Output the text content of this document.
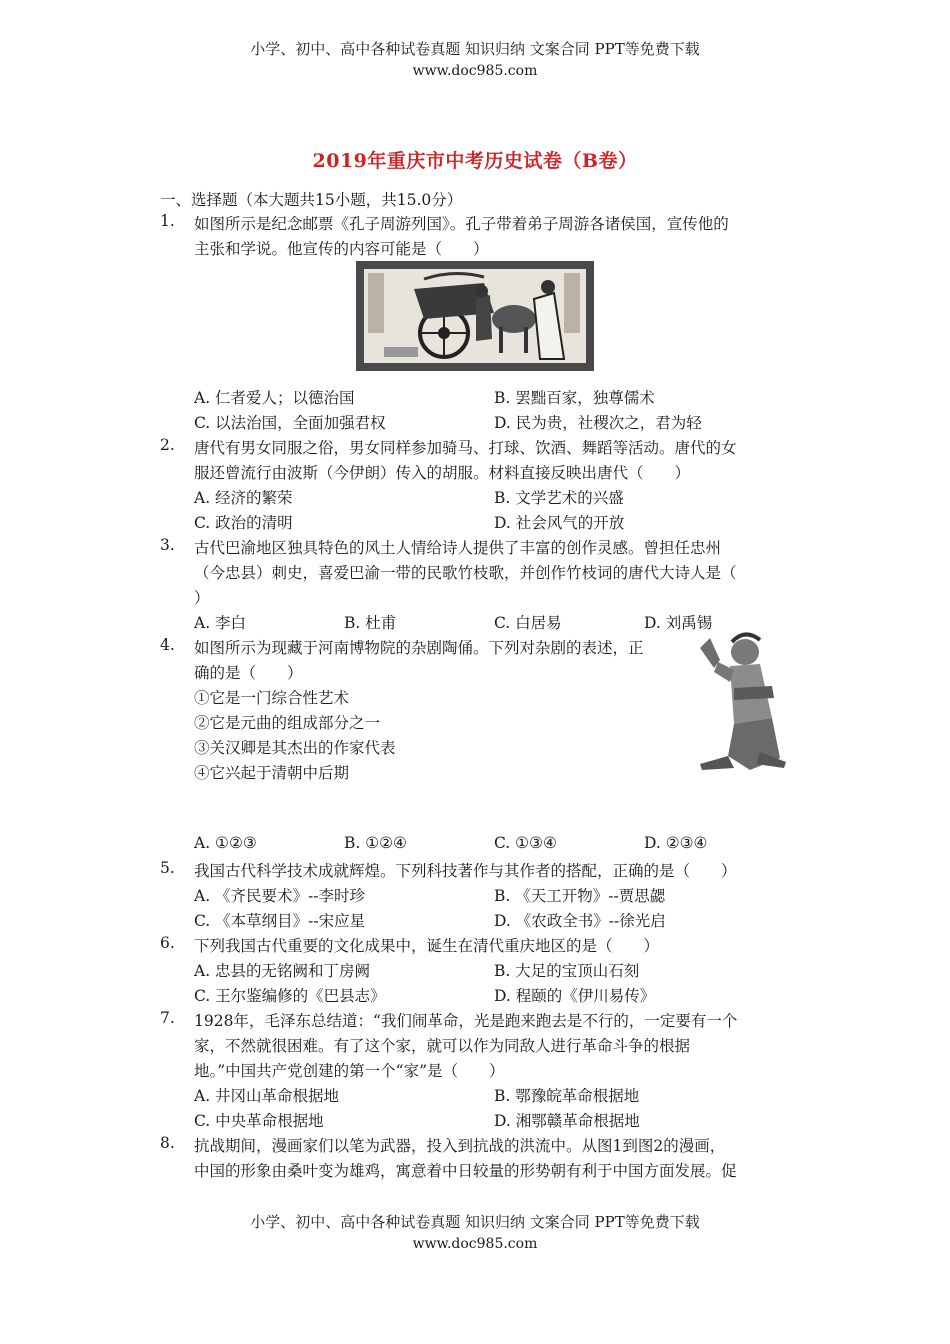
小学、初中、高中各种试卷真题 知识归纳 文案合同 PPT等免费下载
www.doc985.com
2019年重庆市中考历史试卷（B卷）
一、选择题（本大题共15小题，共15.0分）
1. 如图所示是纪念邮票《孔子周游列国》。孔子带着弟子周游各诸侯国，宣传他的
主张和学说。他宣传的内容可能是（　　）
A. 仁者爱人；以德治国	B. 罢黜百家，独尊儒术
C. 以法治国，全面加强君权	D. 民为贵，社稷次之，君为轻
2. 唐代有男女同服之俗，男女同样参加骑马、打球、饮酒、舞蹈等活动。唐代的女
服还曾流行由波斯（今伊朗）传入的胡服。材料直接反映出唐代（　　）
A. 经济的繁荣	B. 文学艺术的兴盛
C. 政治的清明	D. 社会风气的开放
3. 古代巴渝地区独具特色的风土人情给诗人提供了丰富的创作灵感。曾担任忠州
（今忠县）刺史，喜爱巴渝一带的民歌竹枝歌，并创作竹枝词的唐代大诗人是（
）
A. 李白	B. 杜甫	C. 白居易	D. 刘禹锡
4. 如图所示为现藏于河南博物院的杂剧陶俑。下列对杂剧的表述，正
确的是（　　）
①它是一门综合性艺术
②它是元曲的组成部分之一
③关汉卿是其杰出的作家代表
④它兴起于清朝中后期
A. ①②③	B. ①②④	C. ①③④	D. ②③④
5. 我国古代科学技术成就辉煌。下列科技著作与其作者的搭配，正确的是（　　）
A. 《齐民要术》--李时珍	B. 《天工开物》--贾思勰
C. 《本草纲目》--宋应星	D. 《农政全书》--徐光启
6. 下列我国古代重要的文化成果中，诞生在清代重庆地区的是（　　）
A. 忠县的无铭阙和丁房阙	B. 大足的宝顶山石刻
C. 王尔鉴编修的《巴县志》	D. 程颐的《伊川易传》
7. 1928年，毛泽东总结道：“我们闹革命，光是跑来跑去是不行的，一定要有一个
家，不然就很困难。有了这个家，就可以作为同敌人进行革命斗争的根据
地。”中国共产党创建的第一个“家”是（　　）
A. 井冈山革命根据地	B. 鄂豫皖革命根据地
C. 中央革命根据地	D. 湘鄂赣革命根据地
8. 抗战期间，漫画家们以笔为武器，投入到抗战的洪流中。从图1到图2的漫画，
中国的形象由桑叶变为雄鸡，寓意着中日较量的形势朝有利于中国方面发展。促
小学、初中、高中各种试卷真题 知识归纳 文案合同 PPT等免费下载
www.doc985.com
